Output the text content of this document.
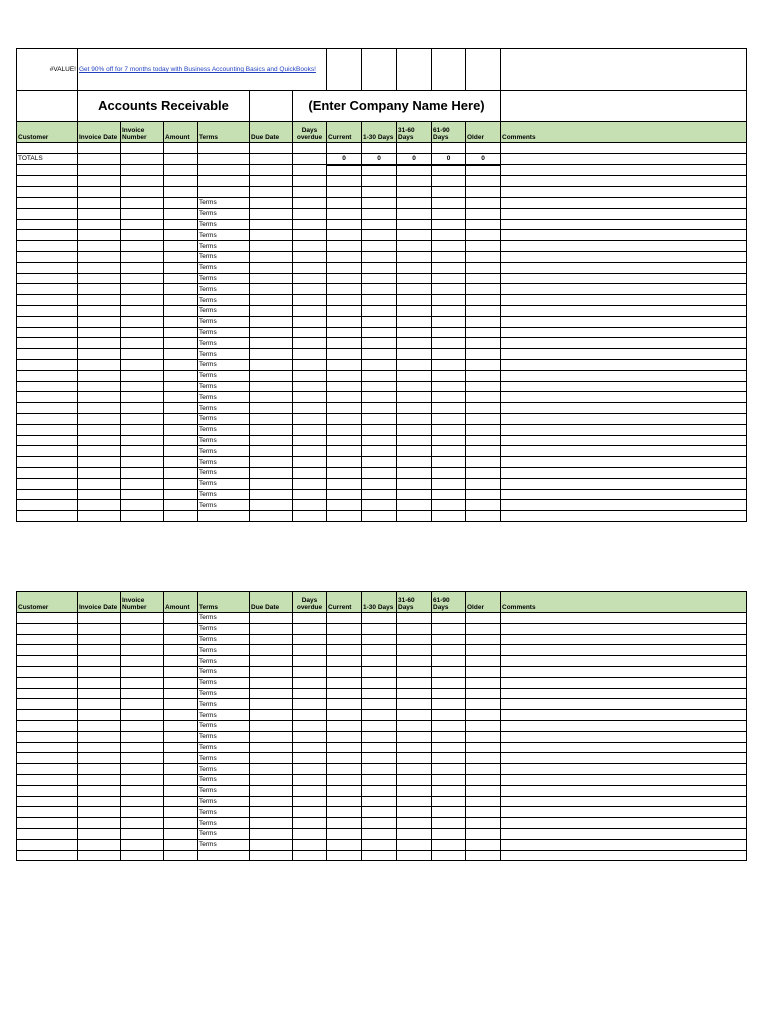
#VALUE!	Get 90% off for 7 months today with Business Accounting Basics and QuickBooks!											
	Accounts Receivable					(Enter Company Name Here)						
Customer	Invoice Date	Invoice Number	Amount	Terms	Due Date	Days overdue	Current	1-30 Days	31-60 Days	61-90 Days	Older	Comments

TOTALS							0	0	0	0	0	

				Terms								
				Terms								
				Terms								
				Terms								
				Terms								
				Terms								
				Terms								
				Terms								
				Terms								
				Terms								
				Terms								
				Terms								
				Terms								
				Terms								
				Terms								
				Terms								
				Terms								
				Terms								
				Terms								
				Terms								
				Terms								
				Terms								
				Terms								
				Terms								
				Terms								
				Terms								
				Terms								
				Terms								
				Terms								

Customer	Invoice Date	Invoice Number	Amount	Terms	Due Date	Days overdue	Current	1-30 Days	31-60 Days	61-90 Days	Older	Comments
				Terms								
				Terms								
				Terms								
				Terms								
				Terms								
				Terms								
				Terms								
				Terms								
				Terms								
				Terms								
				Terms								
				Terms								
				Terms								
				Terms								
				Terms								
				Terms								
				Terms								
				Terms								
				Terms								
				Terms								
				Terms								
				Terms								
